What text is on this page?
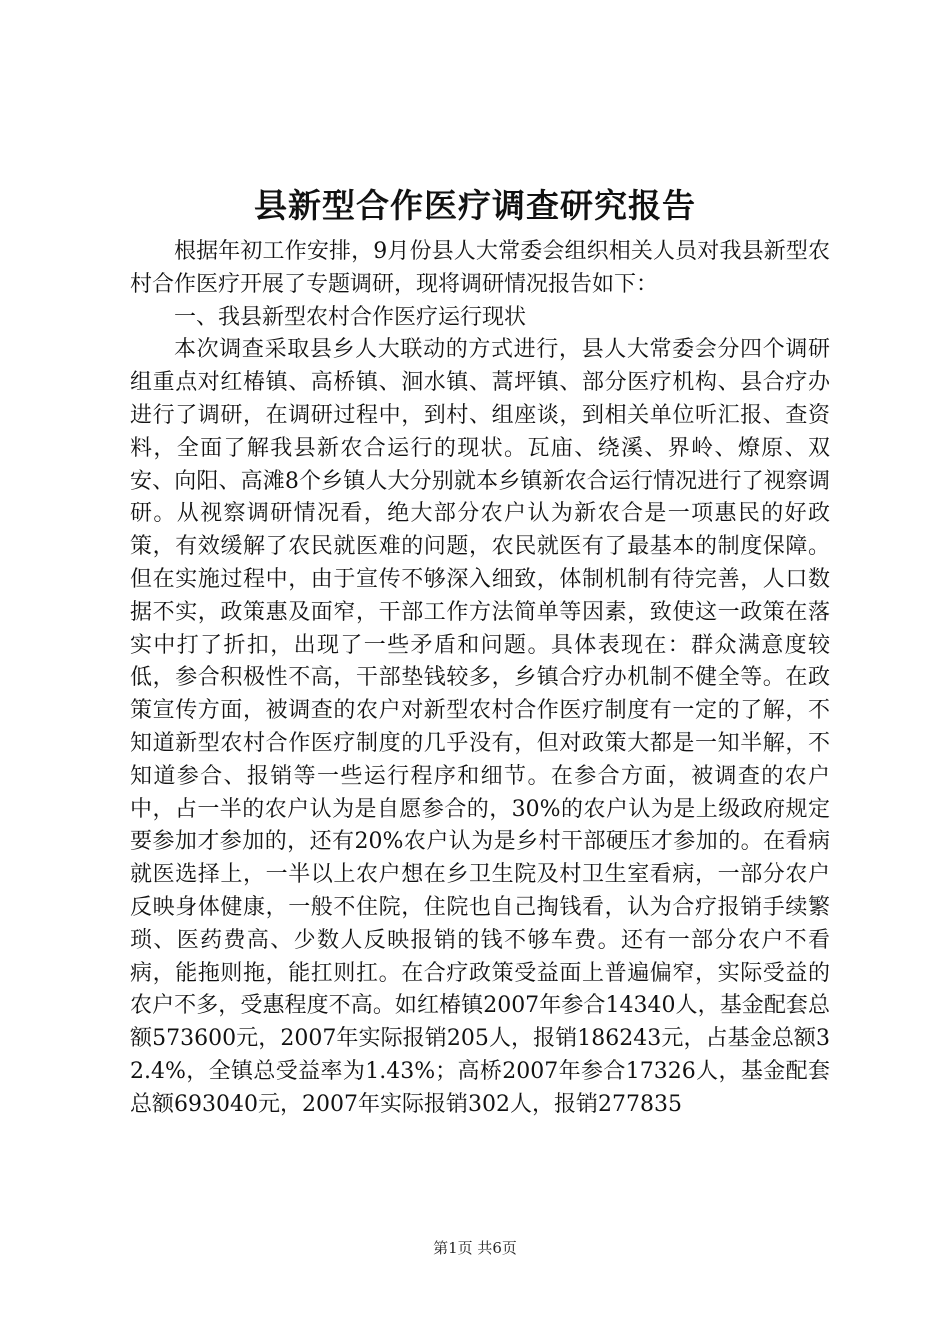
县新型合作医疗调查研究报告

根据年初工作安排，9月份县人大常委会组织相关人员对我县新型农村合作医疗开展了专题调研，现将调研情况报告如下：

一、我县新型农村合作医疗运行现状

本次调查采取县乡人大联动的方式进行，县人大常委会分四个调研组重点对红椿镇、高桥镇、洄水镇、蒿坪镇、部分医疗机构、县合疗办进行了调研，在调研过程中，到村、组座谈，到相关单位听汇报、查资料，全面了解我县新农合运行的现状。瓦庙、绕溪、界岭、燎原、双安、向阳、高滩8个乡镇人大分别就本乡镇新农合运行情况进行了视察调研。从视察调研情况看，绝大部分农户认为新农合是一项惠民的好政策，有效缓解了农民就医难的问题，农民就医有了最基本的制度保障。但在实施过程中，由于宣传不够深入细致，体制机制有待完善，人口数据不实，政策惠及面窄，干部工作方法简单等因素，致使这一政策在落实中打了折扣，出现了一些矛盾和问题。具体表现在：群众满意度较低，参合积极性不高，干部垫钱较多，乡镇合疗办机制不健全等。在政策宣传方面，被调查的农户对新型农村合作医疗制度有一定的了解，不知道新型农村合作医疗制度的几乎没有，但对政策大都是一知半解，不知道参合、报销等一些运行程序和细节。在参合方面，被调查的农户中，占一半的农户认为是自愿参合的，30%的农户认为是上级政府规定要参加才参加的，还有20%农户认为是乡村干部硬压才参加的。在看病就医选择上，一半以上农户想在乡卫生院及村卫生室看病，一部分农户反映身体健康，一般不住院，住院也自己掏钱看，认为合疗报销手续繁琐、医药费高、少数人反映报销的钱不够车费。还有一部分农户不看病，能拖则拖，能扛则扛。在合疗政策受益面上普遍偏窄，实际受益的农户不多，受惠程度不高。如红椿镇2007年参合14340人，基金配套总额573600元，2007年实际报销205人，报销186243元，占基金总额32.4%，全镇总受益率为1.43%；高桥2007年参合17326人，基金配套总额693040元，2007年实际报销302人，报销277835

第1页 共6页
